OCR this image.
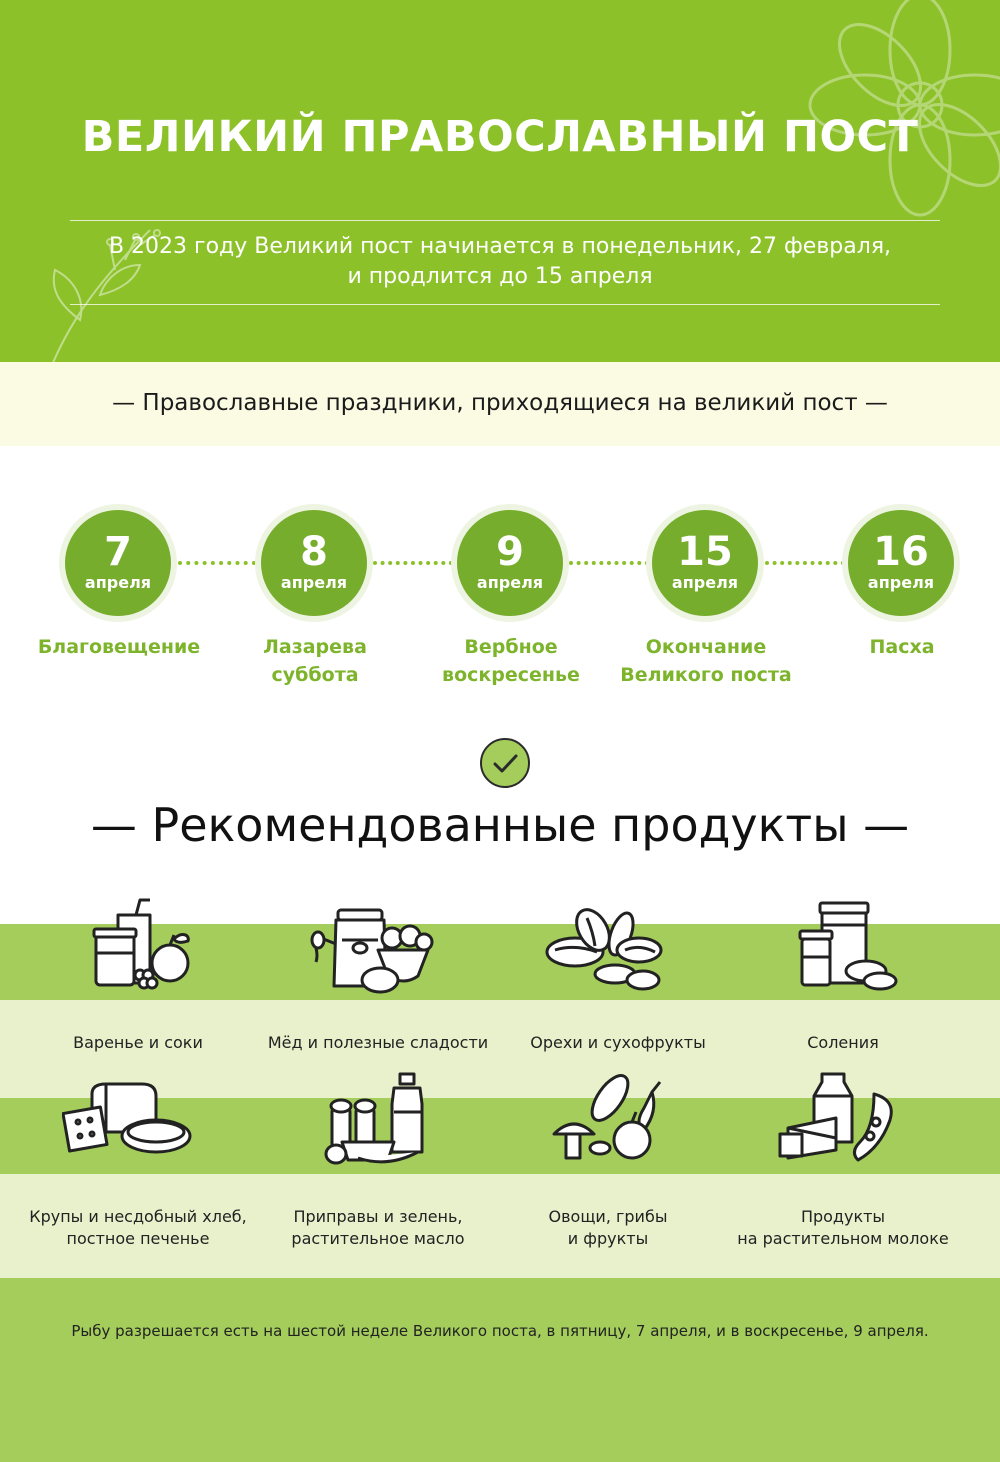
ВЕЛИКИЙ ПРАВОСЛАВНЫЙ ПОСТ
В 2023 году Великий пост начинается в понедельник, 27 февраля,
и продлится до 15 апреля
— Православные праздники, приходящиеся на великий пост —
7
апреля
8
апреля
9
апреля
15
апреля
16
апреля
Благовещение	Лазарева
суббота
Вербное
воскресенье
Окончание
Великого поста
Пасха
— Рекомендованные продукты —
Варенье и соки	Мёд и полезные сладости	Орехи и сухофрукты	Соления
Крупы и несдобный хлеб,
постное печенье
Приправы и зелень,
растительное масло
Овощи, грибы
и фрукты
Продукты
на растительном молоке
Рыбу разрешается есть на шестой неделе Великого поста, в пятницу, 7 апреля, и в воскресенье, 9 апреля.
